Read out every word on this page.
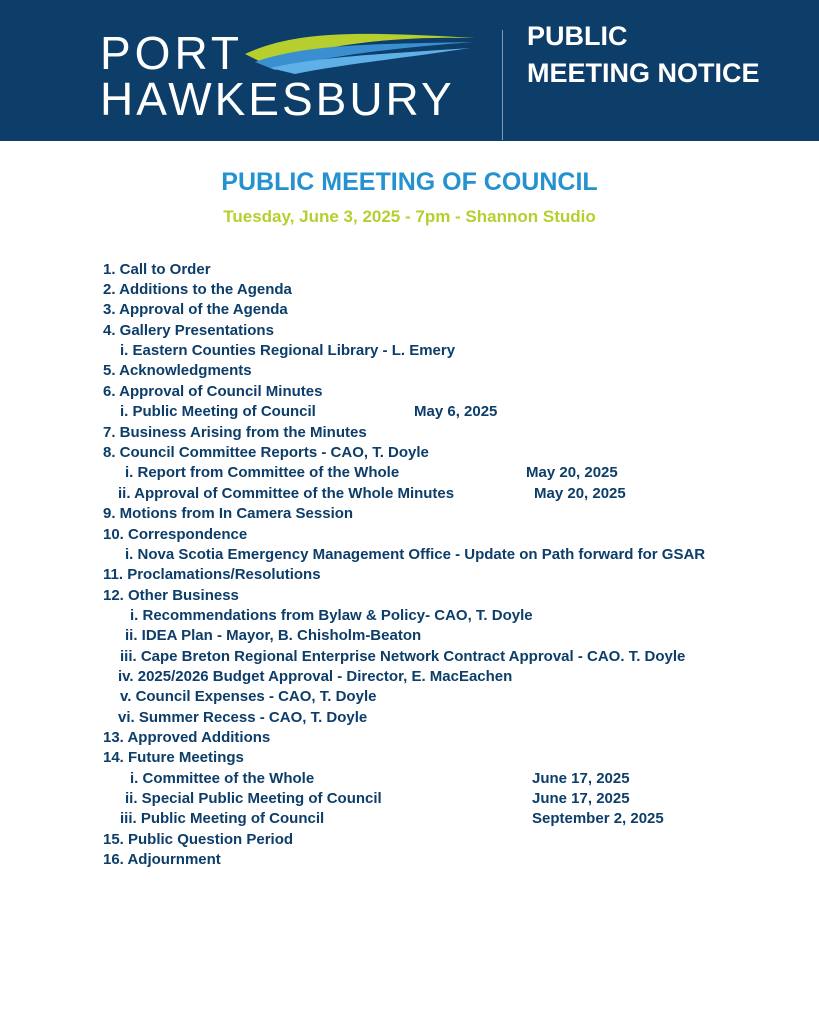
PORT
HAWKESBURY
PUBLIC
MEETING NOTICE
PUBLIC MEETING OF COUNCIL
Tuesday, June 3, 2025 - 7pm - Shannon Studio
1. Call to Order
2. Additions to the Agenda
3. Approval of the Agenda
4. Gallery Presentations
i. Eastern Counties Regional Library - L. Emery
5. Acknowledgments
6. Approval of Council Minutes
i. Public Meeting of Council	May 6, 2025
7. Business Arising from the Minutes
8. Council Committee Reports - CAO, T. Doyle
i. Report from Committee of the Whole	May 20, 2025
ii. Approval of Committee of the Whole Minutes	May 20, 2025
9. Motions from In Camera Session
10. Correspondence
i. Nova Scotia Emergency Management Office - Update on Path forward for GSAR
11. Proclamations/Resolutions
12. Other Business
i. Recommendations from Bylaw & Policy- CAO, T. Doyle
ii. IDEA Plan - Mayor, B. Chisholm-Beaton
iii. Cape Breton Regional Enterprise Network Contract Approval - CAO. T. Doyle
iv. 2025/2026 Budget Approval - Director, E. MacEachen
v. Council Expenses - CAO, T. Doyle
vi. Summer Recess - CAO, T. Doyle
13. Approved Additions
14. Future Meetings
i. Committee of the Whole	June 17, 2025
ii. Special Public Meeting of Council	June 17, 2025
iii. Public Meeting of Council	September 2, 2025
15. Public Question Period
16. Adjournment
